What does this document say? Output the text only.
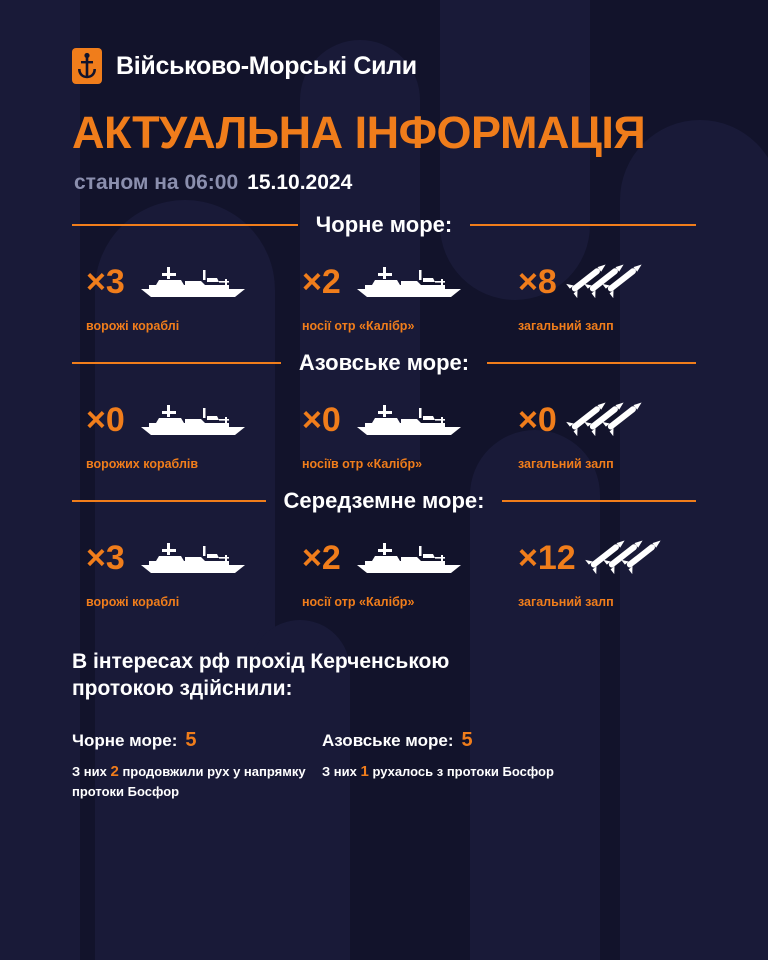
Військово-Морські Сили
АКТУАЛЬНА ІНФОРМАЦІЯ
станом на 06:00 15.10.2024
Чорне море:
×3
ворожі кораблі
×2
носії отр «Калібр»
×8
загальний залп
Азовське море:
×0
ворожих кораблів
×0
носіїв отр «Калібр»
×0
загальний залп
Середземне море:
×3
ворожі кораблі
×2
носії отр «Калібр»
×12
загальний залп
В інтересах рф прохід Керченською протокою здійснили:
Чорне море: 5
З них 2 продовжили рух у напрямку протоки Босфор
Азовське море: 5
З них 1 рухалось з протоки Босфор
